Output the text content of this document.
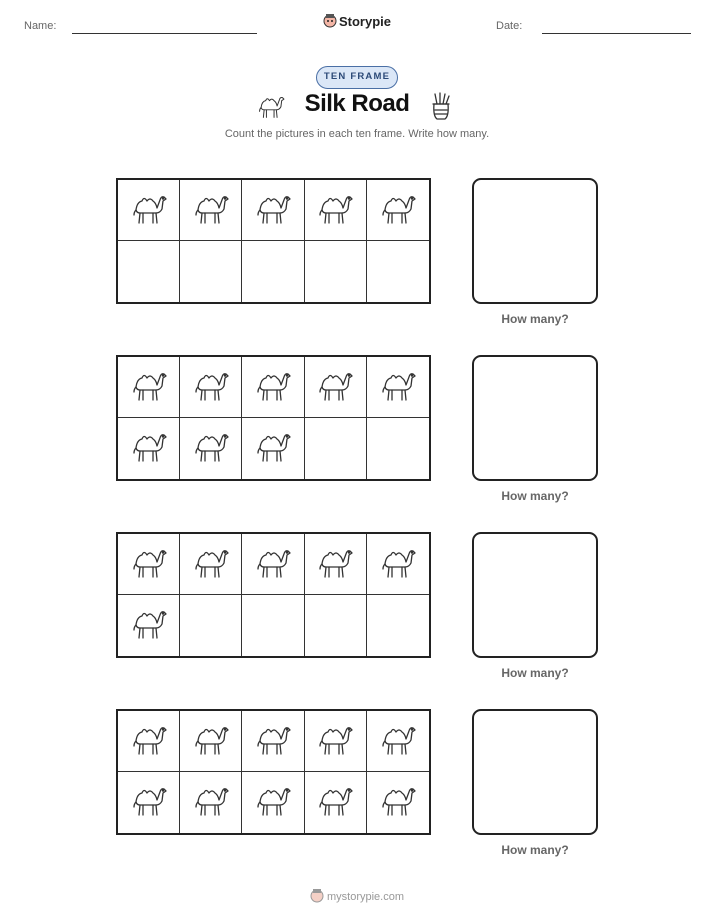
Name:	Storypie	Date:
TEN FRAME
Silk Road
Count the pictures in each ten frame. Write how many.
How many?
How many?
How many?
How many?
mystorypie.com
